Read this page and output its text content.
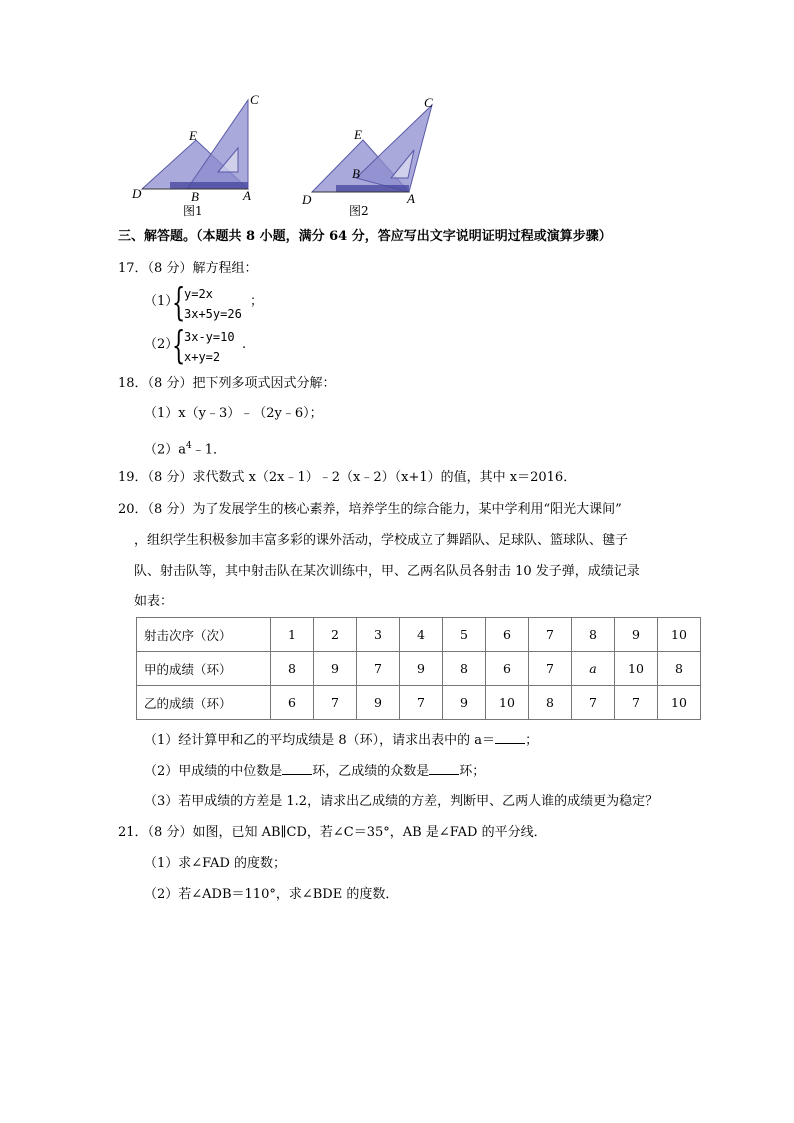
C
E
D	B	A
图1
C
E
D
B
A
图2
三、解答题。（本题共 8 小题，满分 64 分，答应写出文字说明证明过程或演算步骤）
17．（8 分）解方程组：
（1）
{
y=2x
3x+5y=26
；
（2）
{
3x-y=10
x+y=2
.
18．（8 分）把下列多项式因式分解：
（1）x（y﹣3）﹣（2y﹣6）；
$(2)a^4﹣1$．
19．（8 分）求代数式 x（2x﹣1）﹣2（x﹣2）（x+1）的值，其中 x＝2016．
20．（8 分）为了发展学生的核心素养，培养学生的综合能力，某中学利用“阳光大课间”
，组织学生积极参加丰富多彩的课外活动，学校成立了舞蹈队、足球队、篮球队、毽子
队、射击队等，其中射击队在某次训练中，甲、乙两名队员各射击 10 发子弹，成绩记录
如表：
射击次序（次）	1	2	3	4	5	6	7	8	9	10
甲的成绩（环）	8	9	7	9	8	6	7	a	10	8
乙的成绩（环）	6	7	9	7	9	10	8	7	7	10
（1）经计算甲和乙的平均成绩是 8（环），请求出表中的 a＝ ；
（2）甲成绩的中位数是 环，乙成绩的众数是 环；
（3）若甲成绩的方差是 1.2，请求出乙成绩的方差，判断甲、乙两人谁的成绩更为稳定？
21．（8 分）如图，已知 AB∥CD，若∠C＝35°，AB 是∠FAD 的平分线．
（1）求∠FAD 的度数；
（2）若∠ADB＝110°，求∠BDE 的度数．
